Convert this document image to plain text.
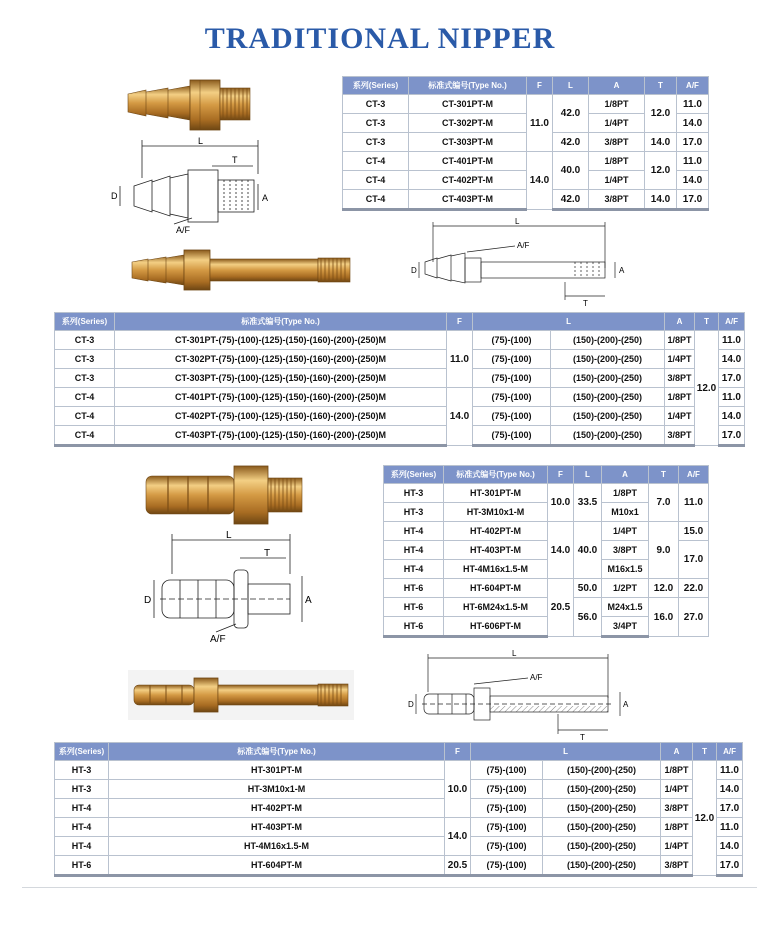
TRADITIONAL NIPPER
L
T
D	A
A/F
系列(Series)	标准式编号(Type No.)	F	L	A	T	A/F
CT-3	CT-301PT-M	11.0	42.0	1/8PT	12.0	11.0
CT-3	CT-302PT-M			1/4PT		14.0
CT-3	CT-303PT-M		42.0	3/8PT	14.0	17.0
CT-4	CT-401PT-M	14.0	40.0	1/8PT	12.0	11.0
CT-4	CT-402PT-M			1/4PT		14.0
CT-4	CT-403PT-M		42.0	3/8PT	14.0	17.0
L
A/F
D	A
T
系列(Series)	标准式编号(Type No.)	F	L		A	T	A/F
CT-3	CT-301PT-(75)-(100)-(125)-(150)-(160)-(200)-(250)M	11.0	(75)-(100)	(150)-(200)-(250)	1/8PT	12.0	11.0
CT-3	CT-302PT-(75)-(100)-(125)-(150)-(160)-(200)-(250)M		(75)-(100)	(150)-(200)-(250)	1/4PT		14.0
CT-3	CT-303PT-(75)-(100)-(125)-(150)-(160)-(200)-(250)M		(75)-(100)	(150)-(200)-(250)	3/8PT		17.0
CT-4	CT-401PT-(75)-(100)-(125)-(150)-(160)-(200)-(250)M	14.0	(75)-(100)	(150)-(200)-(250)	1/8PT		11.0
CT-4	CT-402PT-(75)-(100)-(125)-(150)-(160)-(200)-(250)M		(75)-(100)	(150)-(200)-(250)	1/4PT		14.0
CT-4	CT-403PT-(75)-(100)-(125)-(150)-(160)-(200)-(250)M		(75)-(100)	(150)-(200)-(250)	3/8PT		17.0
L
T
D	A
A/F
系列(Series)	标准式编号(Type No.)	F	L	A	T	A/F
HT-3	HT-301PT-M	10.0	33.5	1/8PT	7.0	11.0
HT-3	HT-3M10x1-M			M10x1		
HT-4	HT-402PT-M	14.0	40.0	1/4PT	9.0	15.0
HT-4	HT-403PT-M			3/8PT		17.0
HT-4	HT-4M16x1.5-M			M16x1.5		
HT-6	HT-604PT-M	20.5	50.0	1/2PT	12.0	22.0
HT-6	HT-6M24x1.5-M		56.0	M24x1.5	16.0	27.0
HT-6	HT-606PT-M			3/4PT		
L
A/F
D	A
T
系列(Series)	标准式编号(Type No.)	F	L		A	T	A/F
HT-3	HT-301PT-M	10.0	(75)-(100)	(150)-(200)-(250)	1/8PT	12.0	11.0
HT-3	HT-3M10x1-M		(75)-(100)	(150)-(200)-(250)	1/4PT		14.0
HT-4	HT-402PT-M		(75)-(100)	(150)-(200)-(250)	3/8PT		17.0
HT-4	HT-403PT-M	14.0	(75)-(100)	(150)-(200)-(250)	1/8PT		11.0
HT-4	HT-4M16x1.5-M		(75)-(100)	(150)-(200)-(250)	1/4PT		14.0
HT-6	HT-604PT-M	20.5	(75)-(100)	(150)-(200)-(250)	3/8PT		17.0
